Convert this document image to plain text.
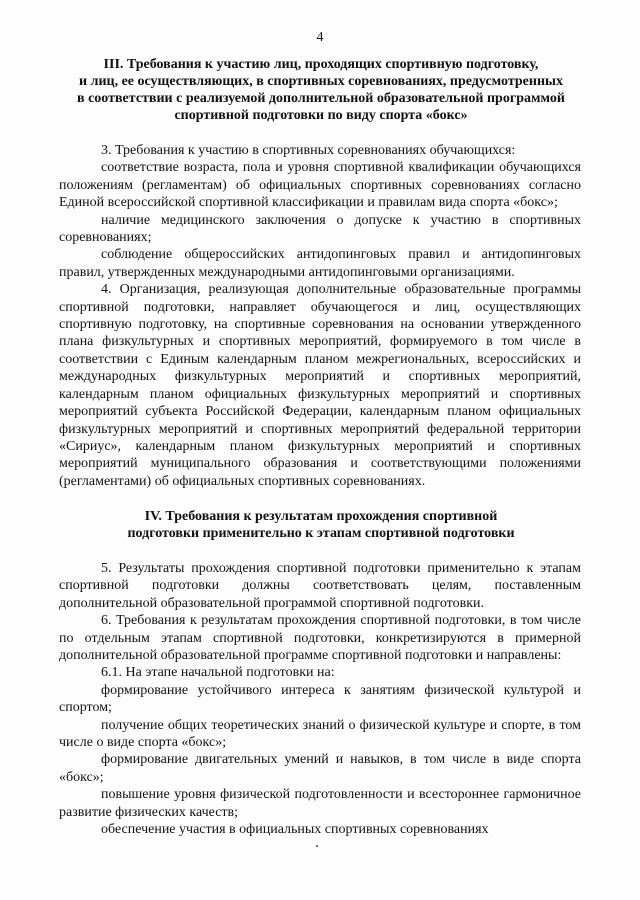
4
III. Требования к участию лиц, проходящих спортивную подготовку,
и лиц, ее осуществляющих, в спортивных соревнованиях, предусмотренных
в соответствии с реализуемой дополнительной образовательной программой
спортивной подготовки по виду спорта «бокс»

3. Требования к участию в спортивных соревнованиях обучающихся:

соответствие возраста, пола и уровня спортивной квалификации обучающихся положениям (регламентам) об официальных спортивных соревнованиях согласно Единой всероссийской спортивной классификации и правилам вида спорта «бокс»;

наличие медицинского заключения о допуске к участию в спортивных соревнованиях;

соблюдение общероссийских антидопинговых правил и антидопинговых правил, утвержденных международными антидопинговыми организациями.

4. Организация, реализующая дополнительные образовательные программы спортивной подготовки, направляет обучающегося и лиц, осуществляющих спортивную подготовку, на спортивные соревнования на основании утвержденного плана физкультурных и спортивных мероприятий, формируемого в том числе в соответствии с Единым календарным планом межрегиональных, всероссийских и международных физкультурных мероприятий и спортивных мероприятий, календарным планом официальных физкультурных мероприятий и спортивных мероприятий субъекта Российской Федерации, календарным планом официальных физкультурных мероприятий и спортивных мероприятий федеральной территории «Сириус», календарным планом физкультурных мероприятий и спортивных мероприятий муниципального образования и соответствующими положениями (регламентами) об официальных спортивных соревнованиях.

IV. Требования к результатам прохождения спортивной
подготовки применительно к этапам спортивной подготовки

5. Результаты прохождения спортивной подготовки применительно к этапам спортивной подготовки должны соответствовать целям, поставленным дополнительной образовательной программой спортивной подготовки.

6. Требования к результатам прохождения спортивной подготовки, в том числе по отдельным этапам спортивной подготовки, конкретизируются в примерной дополнительной образовательной программе спортивной подготовки и направлены:

6.1. На этапе начальной подготовки на:

формирование устойчивого интереса к занятиям физической культурой и спортом;

получение общих теоретических знаний о физической культуре и спорте, в том числе о виде спорта «бокс»;

формирование двигательных умений и навыков, в том числе в виде спорта «бокс»;

повышение уровня физической подготовленности и всестороннее гармоничное развитие физических качеств;

обеспечение участия в официальных спортивных соревнованиях
